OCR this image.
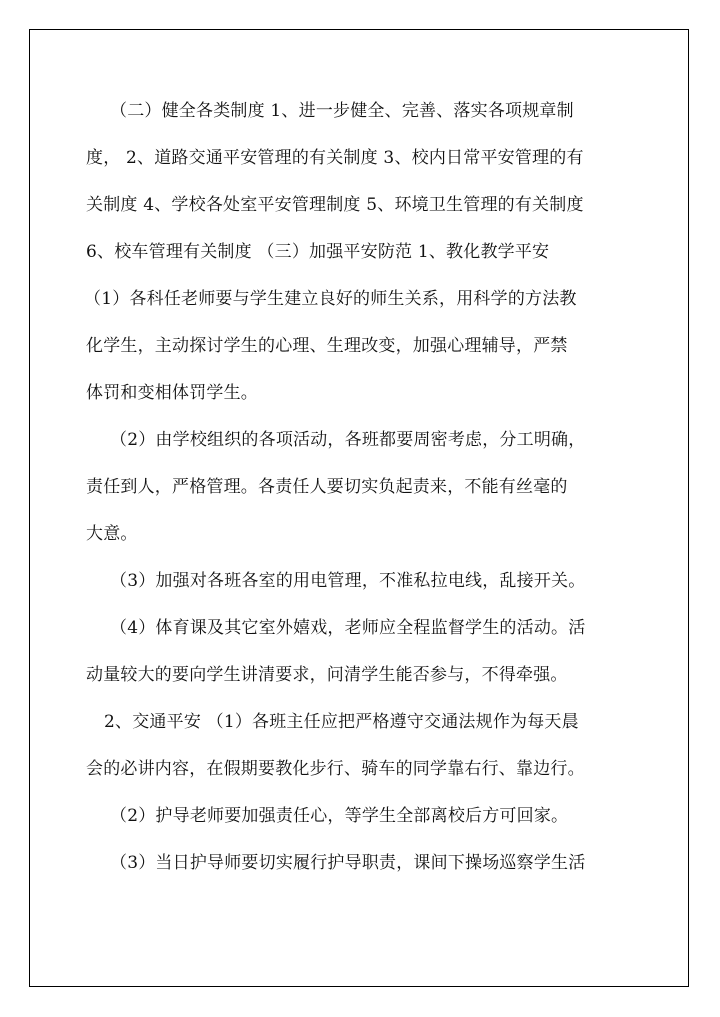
（二）健全各类制度 1、进一步健全、完善、落实各项规章制
度， 2、道路交通平安管理的有关制度 3、校内日常平安管理的有
关制度 4、学校各处室平安管理制度 5、环境卫生管理的有关制度
6、校车管理有关制度 （三）加强平安防范 1、教化教学平安
（1）各科任老师要与学生建立良好的师生关系，用科学的方法教
化学生，主动探讨学生的心理、生理改变，加强心理辅导，严禁
体罚和变相体罚学生。
（2）由学校组织的各项活动，各班都要周密考虑，分工明确，
责任到人，严格管理。各责任人要切实负起责来，不能有丝毫的
大意。
（3）加强对各班各室的用电管理，不准私拉电线，乱接开关。
（4）体育课及其它室外嬉戏，老师应全程监督学生的活动。活
动量较大的要向学生讲清要求，问清学生能否参与，不得牵强。
2、交通平安 （1）各班主任应把严格遵守交通法规作为每天晨
会的必讲内容，在假期要教化步行、骑车的同学靠右行、靠边行。
（2）护导老师要加强责任心，等学生全部离校后方可回家。
（3）当日护导师要切实履行护导职责，课间下操场巡察学生活
